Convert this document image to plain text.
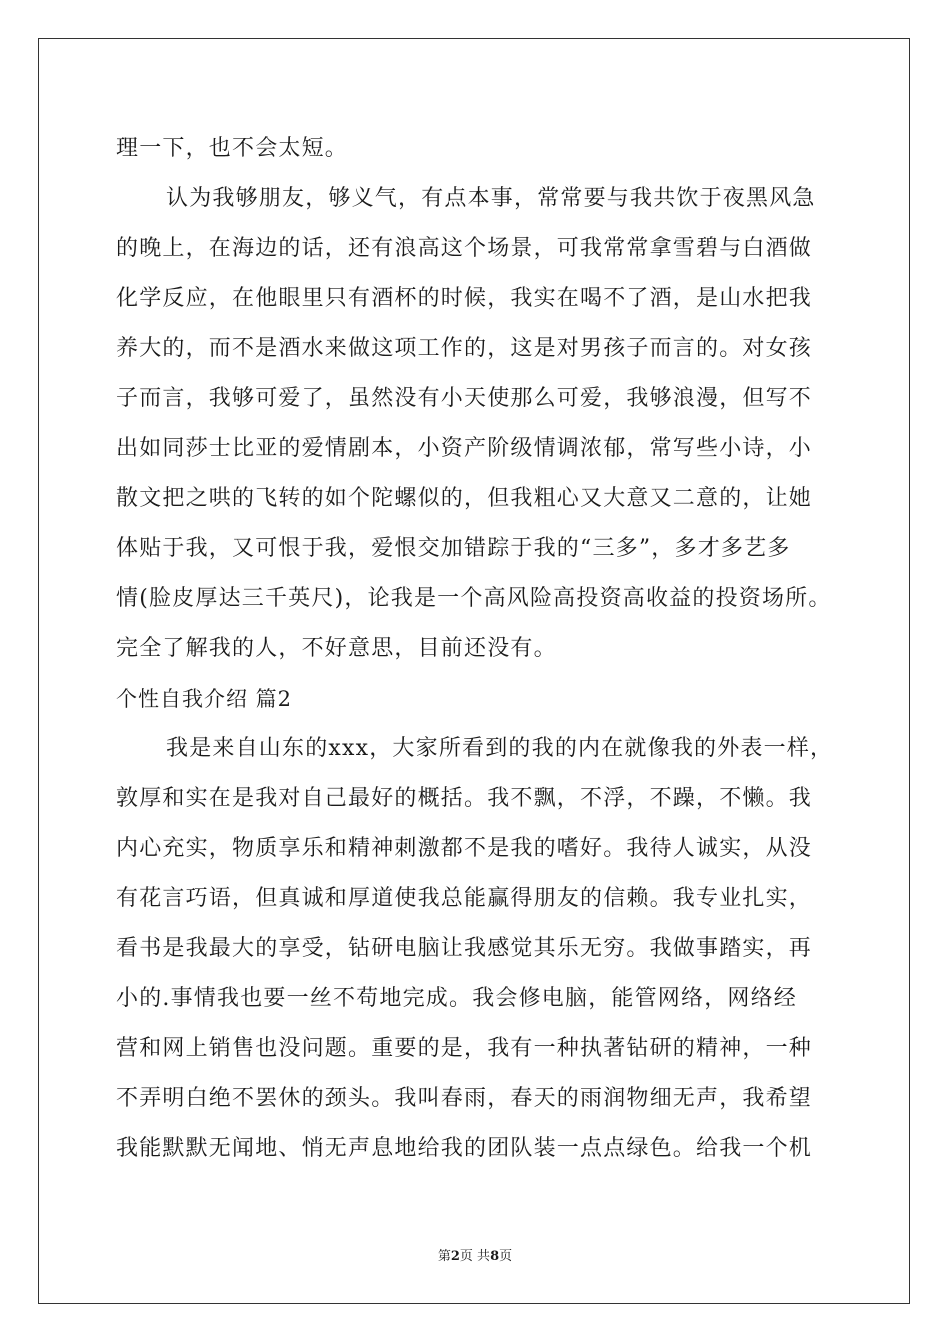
理一下，也不会太短。
认为我够朋友，够义气，有点本事，常常要与我共饮于夜黑风急
的晚上，在海边的话，还有浪高这个场景，可我常常拿雪碧与白酒做
化学反应，在他眼里只有酒杯的时候，我实在喝不了酒，是山水把我
养大的，而不是酒水来做这项工作的，这是对男孩子而言的。对女孩
子而言，我够可爱了，虽然没有小天使那么可爱，我够浪漫，但写不
出如同莎士比亚的爱情剧本，小资产阶级情调浓郁，常写些小诗，小
散文把之哄的飞转的如个陀螺似的，但我粗心又大意又二意的，让她
体贴于我，又可恨于我，爱恨交加错踪于我的“三多”，多才多艺多
情(脸皮厚达三千英尺)，论我是一个高风险高投资高收益的投资场所。
完全了解我的人，不好意思，目前还没有。
个性自我介绍 篇2
我是来自山东的xxx，大家所看到的我的内在就像我的外表一样，
敦厚和实在是我对自己最好的概括。我不飘，不浮，不躁，不懒。我
内心充实，物质享乐和精神刺激都不是我的嗜好。我待人诚实，从没
有花言巧语，但真诚和厚道使我总能赢得朋友的信赖。我专业扎实，
看书是我最大的享受，钻研电脑让我感觉其乐无穷。我做事踏实，再
小的.事情我也要一丝不苟地完成。我会修电脑，能管网络，网络经
营和网上销售也没问题。重要的是，我有一种执著钻研的精神，一种
不弄明白绝不罢休的颈头。我叫春雨，春天的雨润物细无声，我希望
我能默默无闻地、悄无声息地给我的团队装一点点绿色。给我一个机
第2页 共8页
